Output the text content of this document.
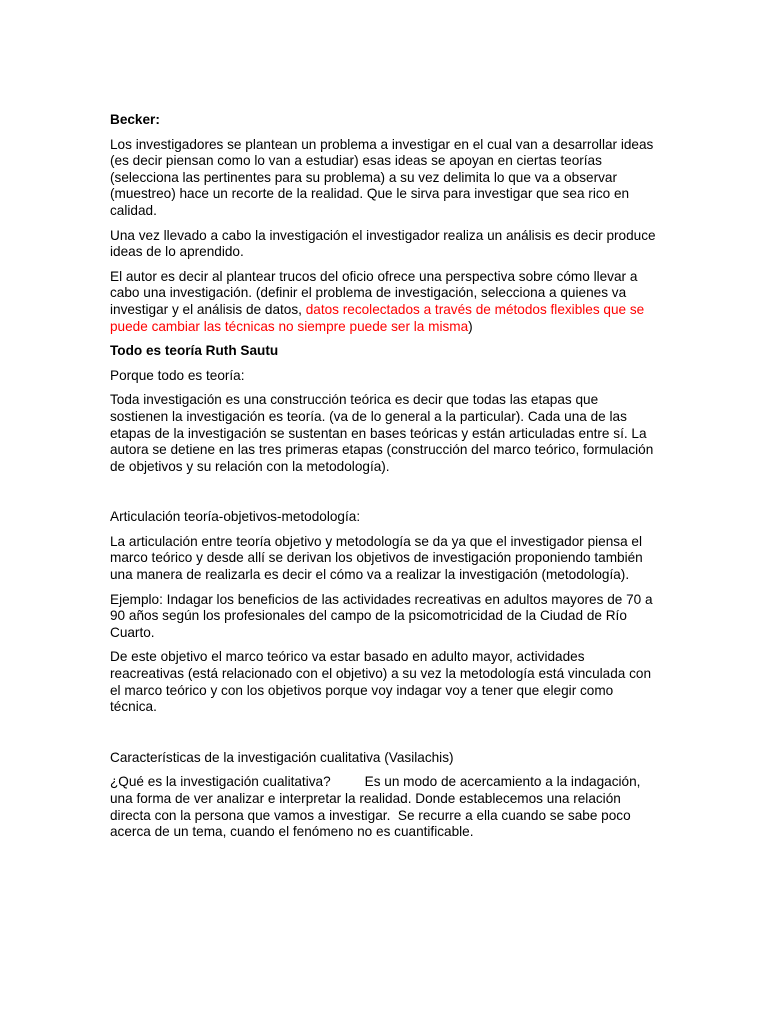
Becker:
Los investigadores se plantean un problema a investigar en el cual van a desarrollar ideas (es decir piensan como lo van a estudiar) esas ideas se apoyan en ciertas teorías (selecciona las pertinentes para su problema) a su vez delimita lo que va a observar (muestreo) hace un recorte de la realidad. Que le sirva para investigar que sea rico en calidad.
Una vez llevado a cabo la investigación el investigador realiza un análisis es decir produce ideas de lo aprendido.
El autor es decir al plantear trucos del oficio ofrece una perspectiva sobre cómo llevar a cabo una investigación. (definir el problema de investigación, selecciona a quienes va investigar y el análisis de datos, datos recolectados a través de métodos flexibles que se puede cambiar las técnicas no siempre puede ser la misma)
Todo es teoría Ruth Sautu
Porque todo es teoría:
Toda investigación es una construcción teórica es decir que todas las etapas que sostienen la investigación es teoría. (va de lo general a la particular). Cada una de las etapas de la investigación se sustentan en bases teóricas y están articuladas entre sí. La autora se detiene en las tres primeras etapas (construcción del marco teórico, formulación de objetivos y su relación con la metodología).
Articulación teoría-objetivos-metodología:
La articulación entre teoría objetivo y metodología se da ya que el investigador piensa el marco teórico y desde allí se derivan los objetivos de investigación proponiendo también una manera de realizarla es decir el cómo va a realizar la investigación (metodología).
Ejemplo: Indagar los beneficios de las actividades recreativas en adultos mayores de 70 a 90 años según los profesionales del campo de la psicomotricidad de la Ciudad de Río Cuarto.
De este objetivo el marco teórico va estar basado en adulto mayor, actividades reacreativas (está relacionado con el objetivo) a su vez la metodología está vinculada con el marco teórico y con los objetivos porque voy indagar voy a tener que elegir como técnica.
Características de la investigación cualitativa (Vasilachis)
¿Qué es la investigación cualitativa?         Es un modo de acercamiento a la indagación, una forma de ver analizar e interpretar la realidad. Donde establecemos una relación directa con la persona que vamos a investigar.  Se recurre a ella cuando se sabe poco acerca de un tema, cuando el fenómeno no es cuantificable.
